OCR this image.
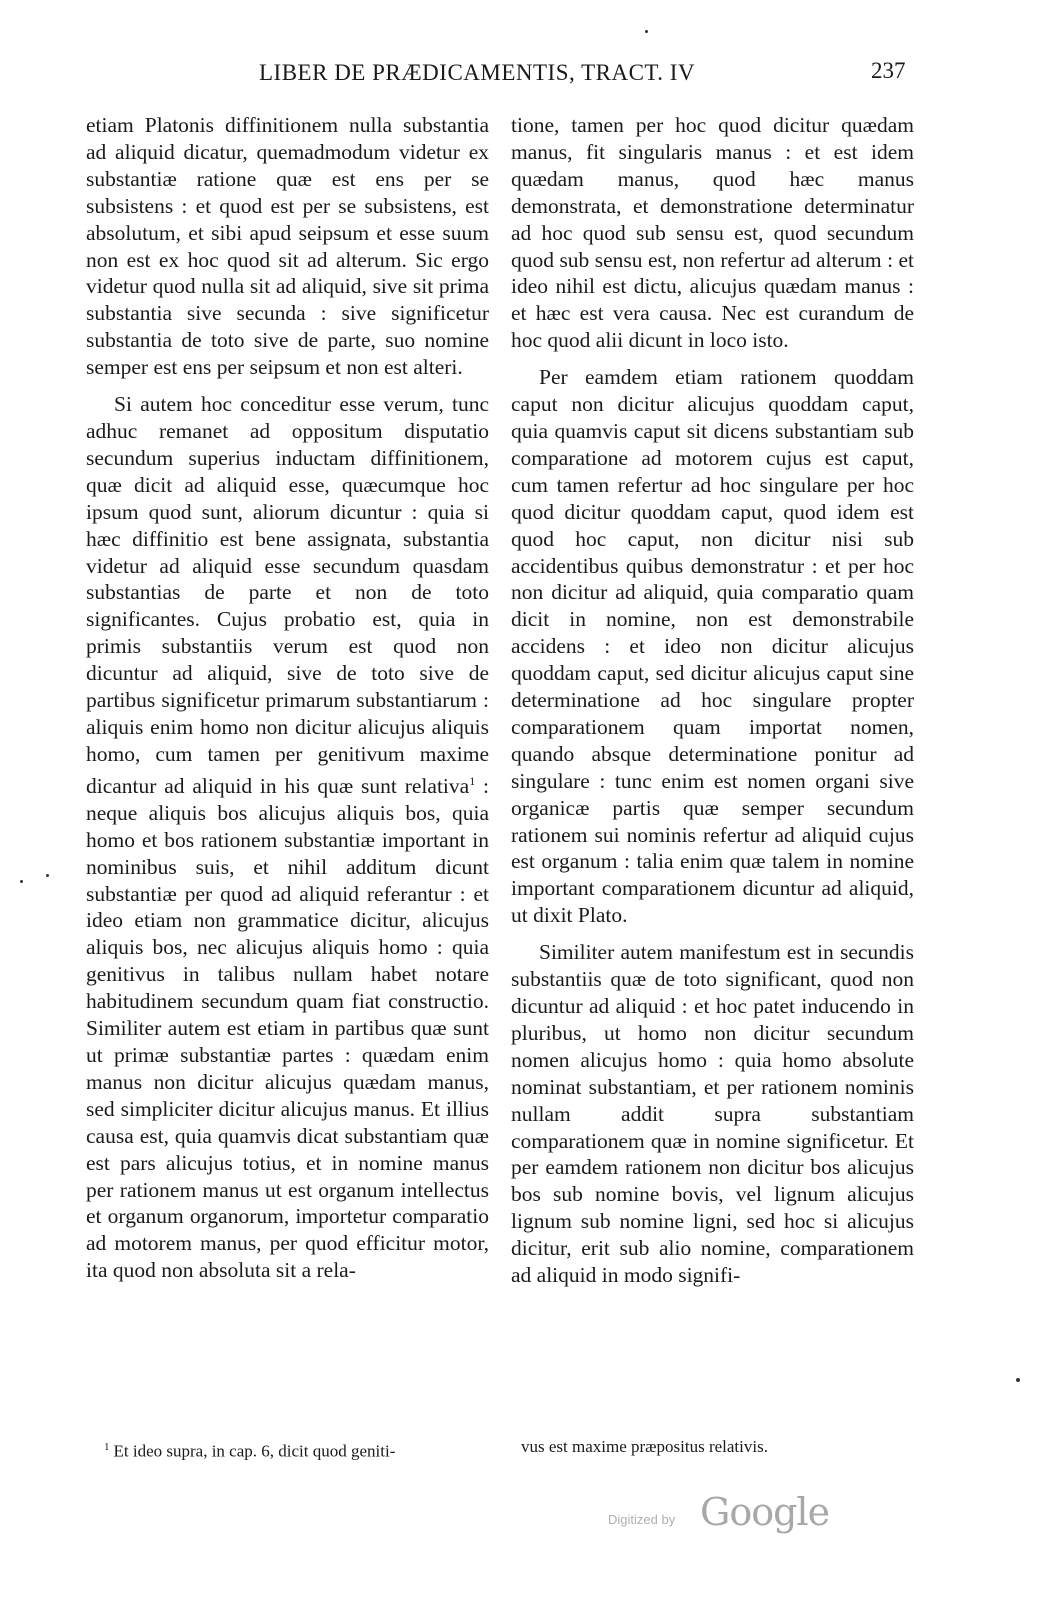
LIBER DE PRÆDICAMENTIS, TRACT. IV	237

etiam Platonis diffinitionem nulla substantia ad aliquid dicatur, quemadmodum videtur ex substantiæ ratione quæ est ens per se subsistens : et quod est per se subsistens, est absolutum, et sibi apud seipsum et esse suum non est ex hoc quod sit ad alterum. Sic ergo videtur quod nulla sit ad aliquid, sive sit prima substantia sive secunda : sive significetur substantia de toto sive de parte, suo nomine semper est ens per seipsum et non est alteri.

Si autem hoc conceditur esse verum, tunc adhuc remanet ad oppositum disputatio secundum superius inductam diffinitionem, quæ dicit ad aliquid esse, quæcumque hoc ipsum quod sunt, aliorum dicuntur : quia si hæc diffinitio est bene assignata, substantia videtur ad aliquid esse secundum quasdam substantias de parte et non de toto significantes. Cujus probatio est, quia in primis substantiis verum est quod non dicuntur ad aliquid, sive de toto sive de partibus significetur primarum substantiarum : aliquis enim homo non dicitur alicujus aliquis homo, cum tamen per genitivum maxime dicantur ad aliquid in his quæ sunt relativa$^1$ : neque aliquis bos alicujus aliquis bos, quia homo et bos rationem substantiæ important in nominibus suis, et nihil additum dicunt substantiæ per quod ad aliquid referantur : et ideo etiam non grammatice dicitur, alicujus aliquis bos, nec alicujus aliquis homo : quia genitivus in talibus nullam habet notare habitudinem secundum quam fiat constructio. Similiter autem est etiam in partibus quæ sunt ut primæ substantiæ partes : quædam enim manus non dicitur alicujus quædam manus, sed simpliciter dicitur alicujus manus. Et illius causa est, quia quamvis dicat substantiam quæ est pars alicujus totius, et in nomine manus per rationem manus ut est organum intellectus et organum organorum, importetur comparatio ad motorem manus, per quod efficitur motor, ita quod non absoluta sit a rela-

tione, tamen per hoc quod dicitur quædam manus, fit singularis manus : et est idem quædam manus, quod hæc manus demonstrata, et demonstratione determinatur ad hoc quod sub sensu est, quod secundum quod sub sensu est, non refertur ad alterum : et ideo nihil est dictu, alicujus quædam manus : et hæc est vera causa. Nec est curandum de hoc quod alii dicunt in loco isto.

Per eamdem etiam rationem quoddam caput non dicitur alicujus quoddam caput, quia quamvis caput sit dicens substantiam sub comparatione ad motorem cujus est caput, cum tamen refertur ad hoc singulare per hoc quod dicitur quoddam caput, quod idem est quod hoc caput, non dicitur nisi sub accidentibus quibus demonstratur : et per hoc non dicitur ad aliquid, quia comparatio quam dicit in nomine, non est demonstrabile accidens : et ideo non dicitur alicujus quoddam caput, sed dicitur alicujus caput sine determinatione ad hoc singulare propter comparationem quam importat nomen, quando absque determinatione ponitur ad singulare : tunc enim est nomen organi sive organicæ partis quæ semper secundum rationem sui nominis refertur ad aliquid cujus est organum : talia enim quæ talem in nomine important comparationem dicuntur ad aliquid, ut dixit Plato.

Similiter autem manifestum est in secundis substantiis quæ de toto significant, quod non dicuntur ad aliquid : et hoc patet inducendo in pluribus, ut homo non dicitur secundum nomen alicujus homo : quia homo absolute nominat substantiam, et per rationem nominis nullam addit supra substantiam comparationem quæ in nomine significetur. Et per eamdem rationem non dicitur bos alicujus bos sub nomine bovis, vel lignum alicujus lignum sub nomine ligni, sed hoc si alicujus dicitur, erit sub alio nomine, comparationem ad aliquid in modo signifi-

$^1$ Et ideo supra, in cap. 6, dicit quod geniti-	vus est maxime præpositus relativis.
Digitized by Google
